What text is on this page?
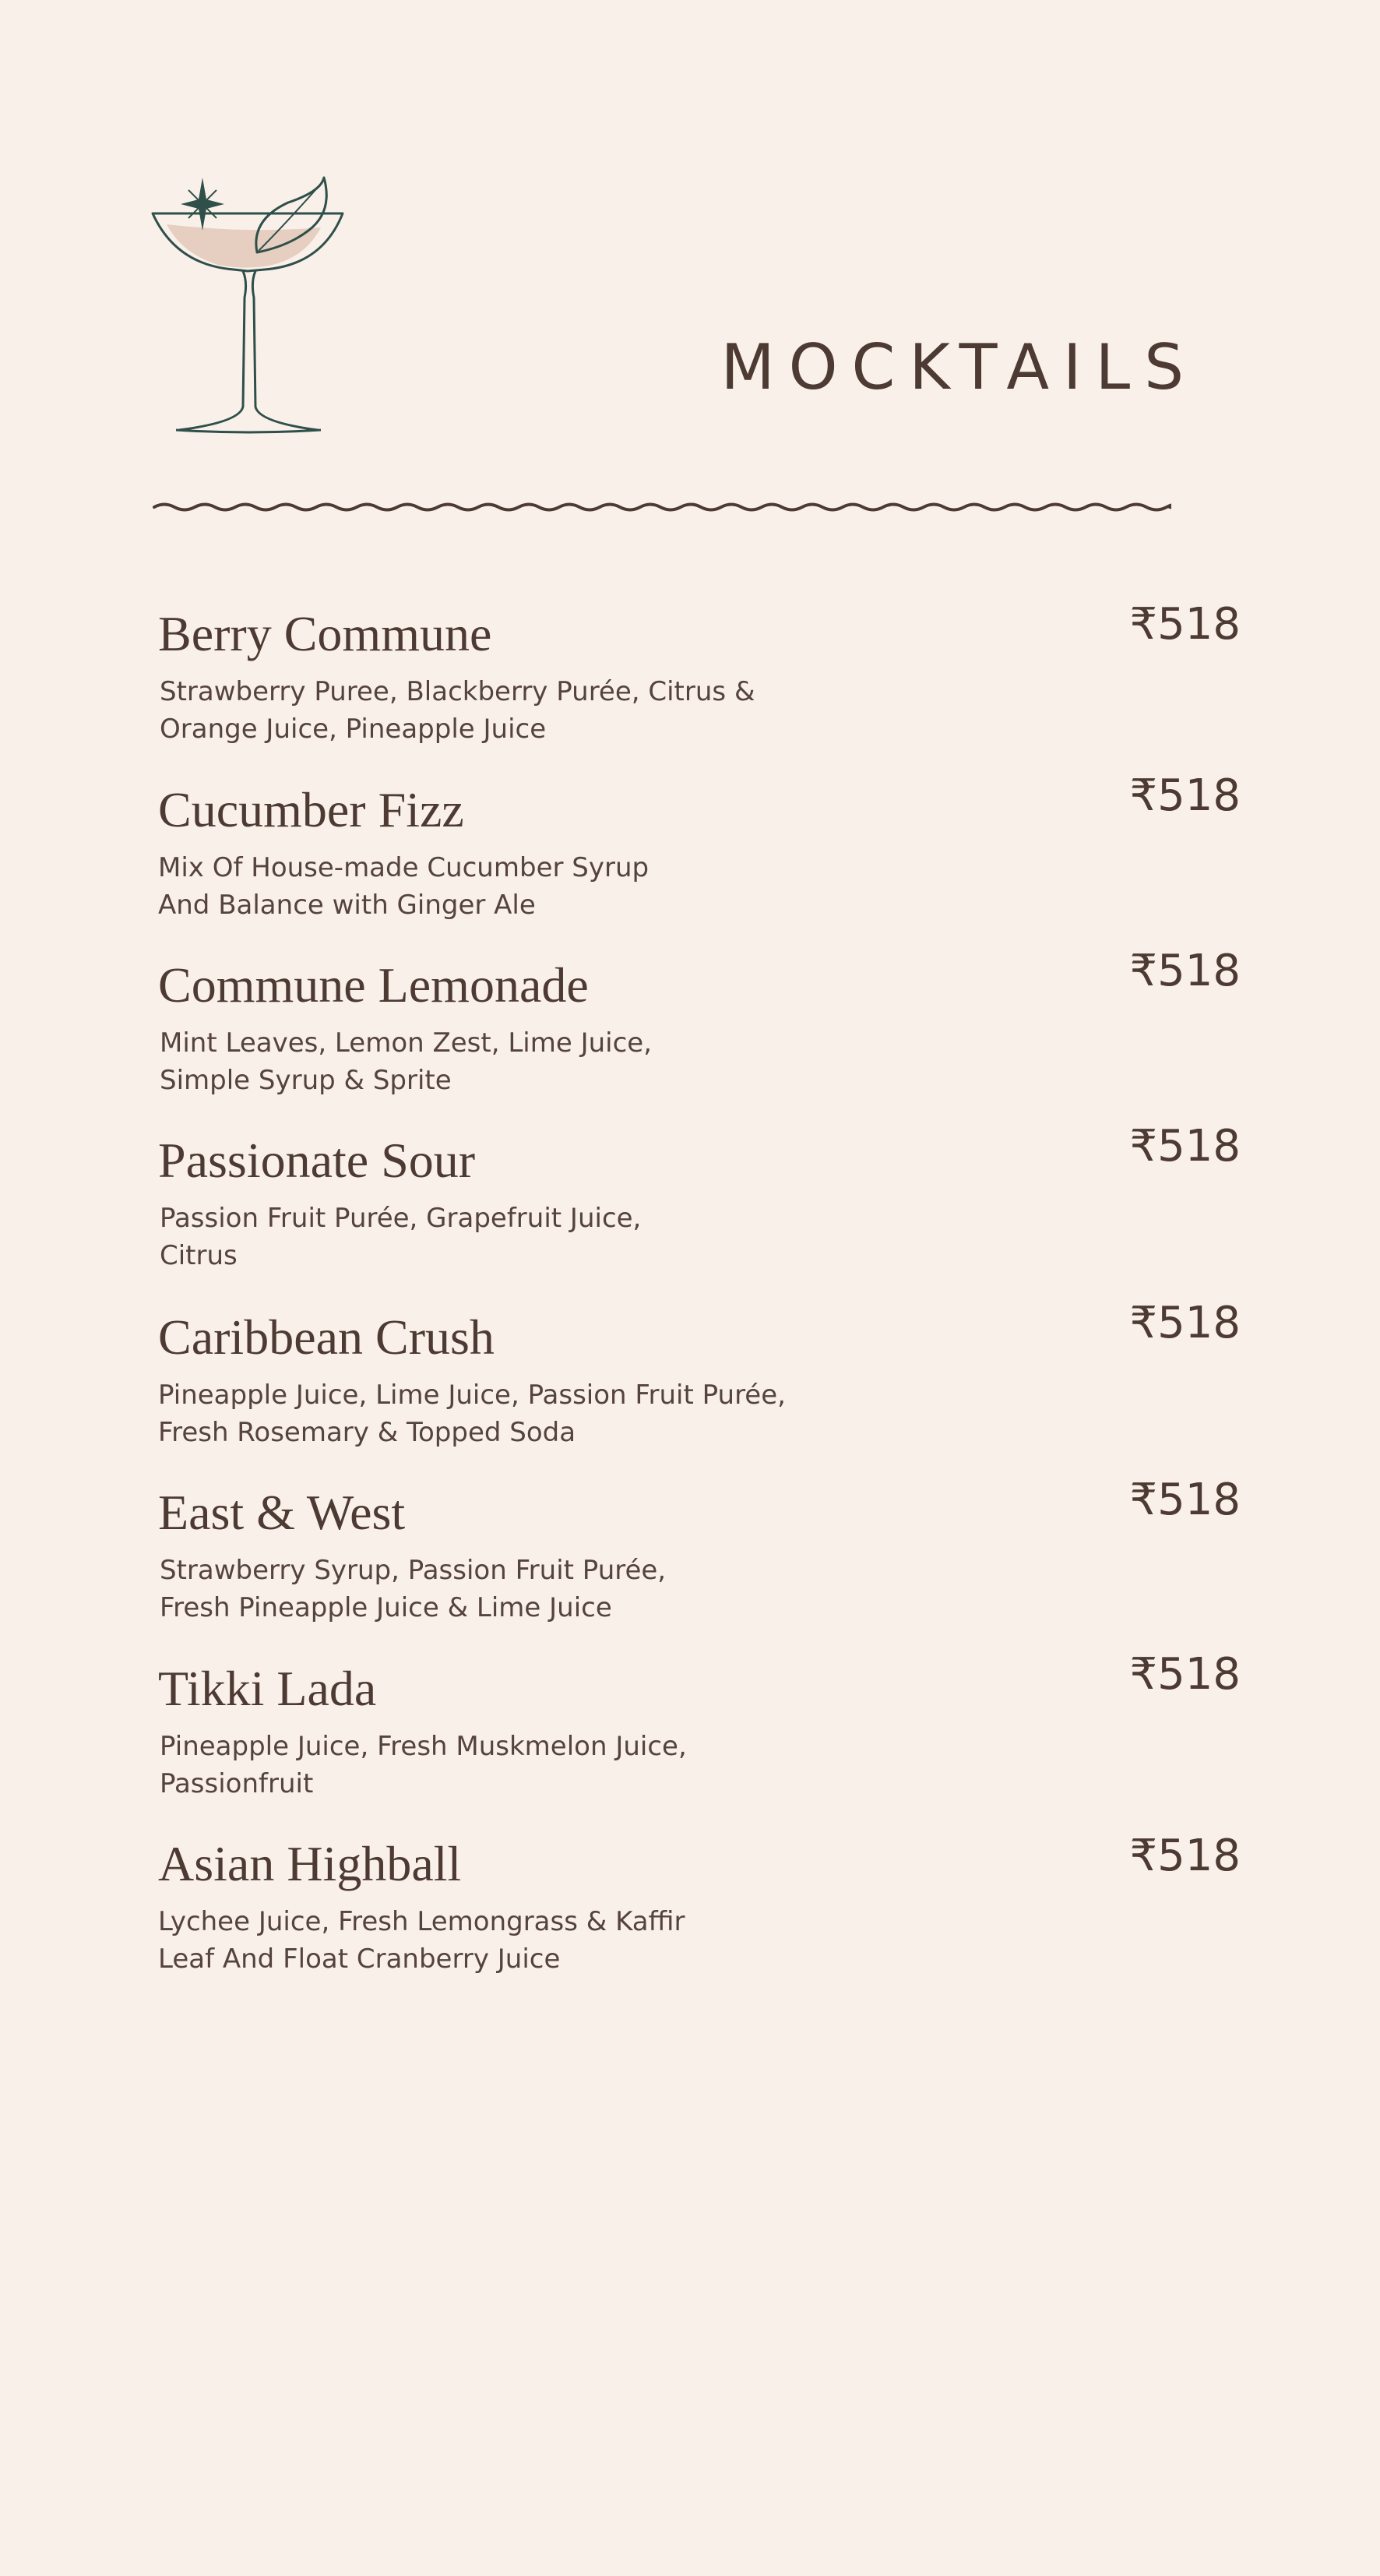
MOCKTAILS
Berry Commune

Strawberry Puree, Blackberry Purée, Citrus &
Orange Juice, Pineapple Juice

₹518
Cucumber Fizz

Mix Of House-made Cucumber Syrup
And Balance with Ginger Ale

₹518
Commune Lemonade

Mint Leaves, Lemon Zest, Lime Juice,
Simple Syrup & Sprite

₹518
Passionate Sour

Passion Fruit Purée, Grapefruit Juice,
Citrus

₹518
Caribbean Crush

Pineapple Juice, Lime Juice, Passion Fruit Purée,
Fresh Rosemary & Topped Soda

₹518
East & West

Strawberry Syrup, Passion Fruit Purée,
Fresh Pineapple Juice & Lime Juice

₹518
Tikki Lada

Pineapple Juice, Fresh Muskmelon Juice,
Passionfruit

₹518
Asian Highball

Lychee Juice, Fresh Lemongrass & Kaffir
Leaf And Float Cranberry Juice

₹518
